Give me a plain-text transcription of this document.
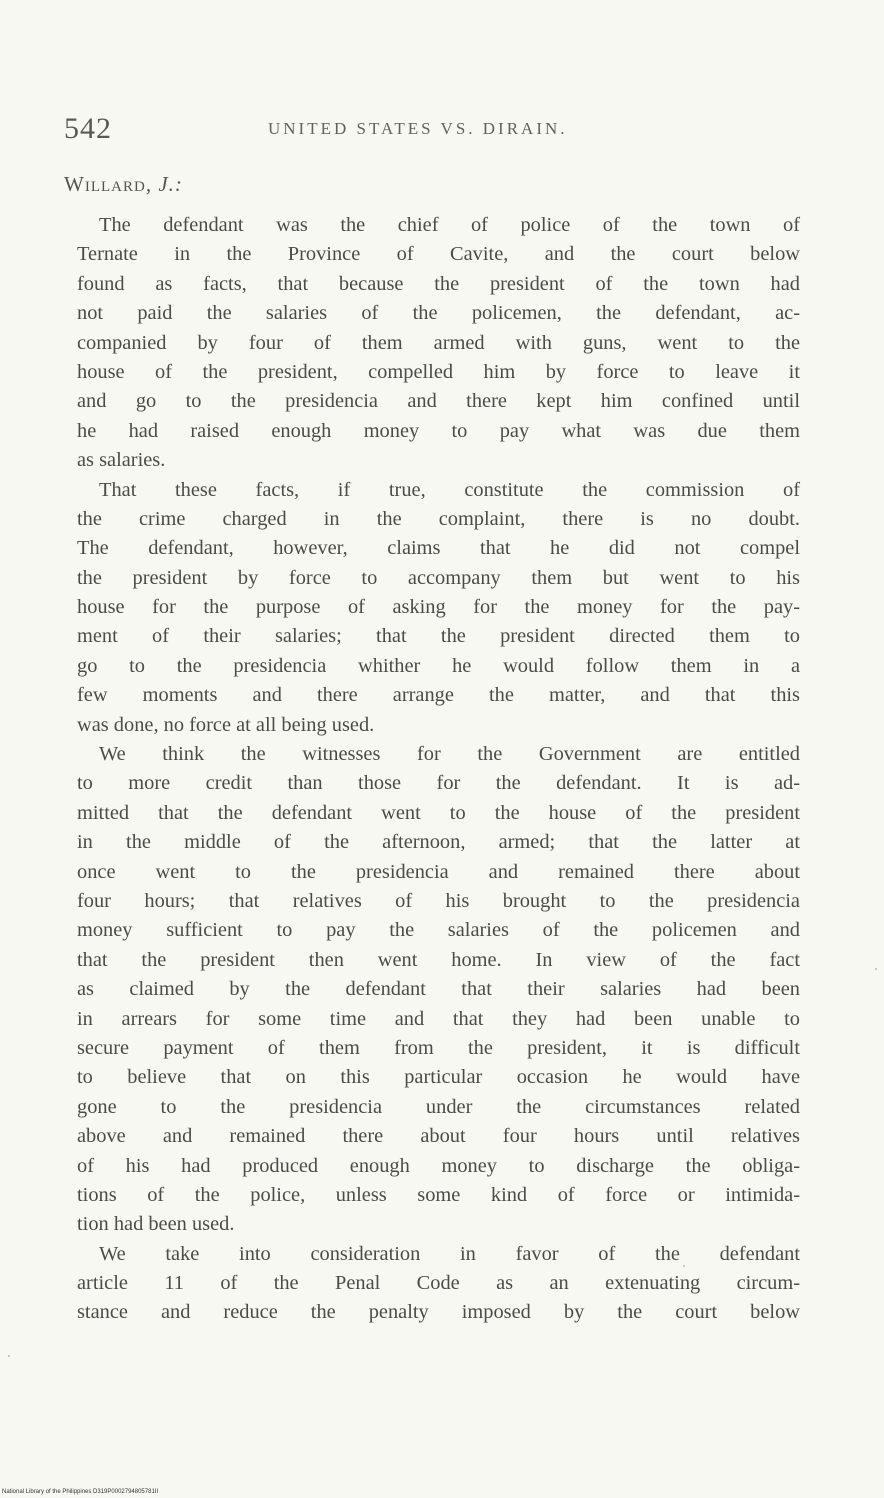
542	UNITED STATES VS. DIRAIN.
Willard, J.:
The defendant was the chief of police of the town of
Ternate in the Province of Cavite, and the court below
found as facts, that because the president of the town had
not paid the salaries of the policemen, the defendant, ac-
companied by four of them armed with guns, went to the
house of the president, compelled him by force to leave it
and go to the presidencia and there kept him confined until
he had raised enough money to pay what was due them
as salaries.
That these facts, if true, constitute the commission of
the crime charged in the complaint, there is no doubt.
The defendant, however, claims that he did not compel
the president by force to accompany them but went to his
house for the purpose of asking for the money for the pay-
ment of their salaries; that the president directed them to
go to the presidencia whither he would follow them in a
few moments and there arrange the matter, and that this
was done, no force at all being used.
We think the witnesses for the Government are entitled
to more credit than those for the defendant. It is ad-
mitted that the defendant went to the house of the president
in the middle of the afternoon, armed; that the latter at
once went to the presidencia and remained there about
four hours; that relatives of his brought to the presidencia
money sufficient to pay the salaries of the policemen and
that the president then went home. In view of the fact
as claimed by the defendant that their salaries had been
in arrears for some time and that they had been unable to
secure payment of them from the president, it is difficult
to believe that on this particular occasion he would have
gone to the presidencia under the circumstances related
above and remained there about four hours until relatives
of his had produced enough money to discharge the obliga-
tions of the police, unless some kind of force or intimida-
tion had been used.
We take into consideration in favor of the defendant
article 11 of the Penal Code as an extenuating circum-
stance and reduce the penalty imposed by the court below
National Library of the Philippines D319P0002794805781II
